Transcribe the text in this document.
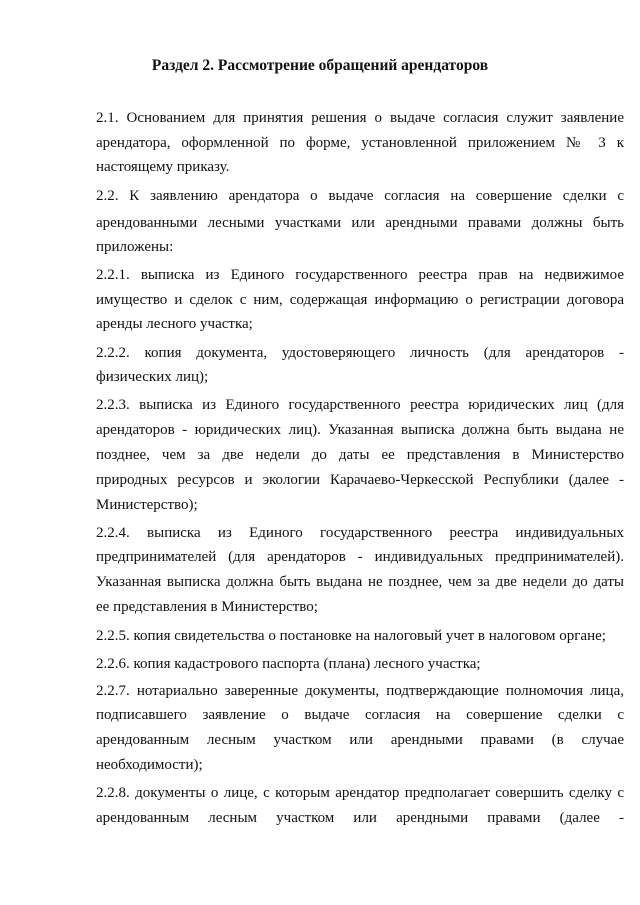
Раздел 2. Рассмотрение обращений арендаторов
2.1. Основанием для принятия решения о выдаче согласия служит заявление
арендатора, оформленной по форме, установленной приложением № 3 к
настоящему приказу.
2.2. К заявлению арендатора о выдаче согласия на совершение сделки с
арендованными лесными участками или арендными правами должны быть
приложены:
2.2.1. выписка из Единого государственного реестра прав на недвижимое
имущество и сделок с ним, содержащая информацию о регистрации договора
аренды лесного участка;
2.2.2. копия документа, удостоверяющего личность (для арендаторов -
физических лиц);
2.2.3. выписка из Единого государственного реестра юридических лиц (для
арендаторов - юридических лиц). Указанная выписка должна быть выдана не
позднее, чем за две недели до даты ее представления в Министерство
природных ресурсов и экологии Карачаево-Черкесской Республики (далее -
Министерство);
2.2.4. выписка из Единого государственного реестра индивидуальных
предпринимателей (для арендаторов - индивидуальных предпринимателей).
Указанная выписка должна быть выдана не позднее, чем за две недели до даты
ее представления в Министерство;
2.2.5. копия свидетельства о постановке на налоговый учет в налоговом органе;
2.2.6. копия кадастрового паспорта (плана) лесного участка;
2.2.7. нотариально заверенные документы, подтверждающие полномочия лица,
подписавшего заявление о выдаче согласия на совершение сделки с
арендованным лесным участком или арендными правами (в случае
необходимости);
2.2.8. документы о лице, с которым арендатор предполагает совершить сделку с
арендованным лесным участком или арендными правами (далее -
